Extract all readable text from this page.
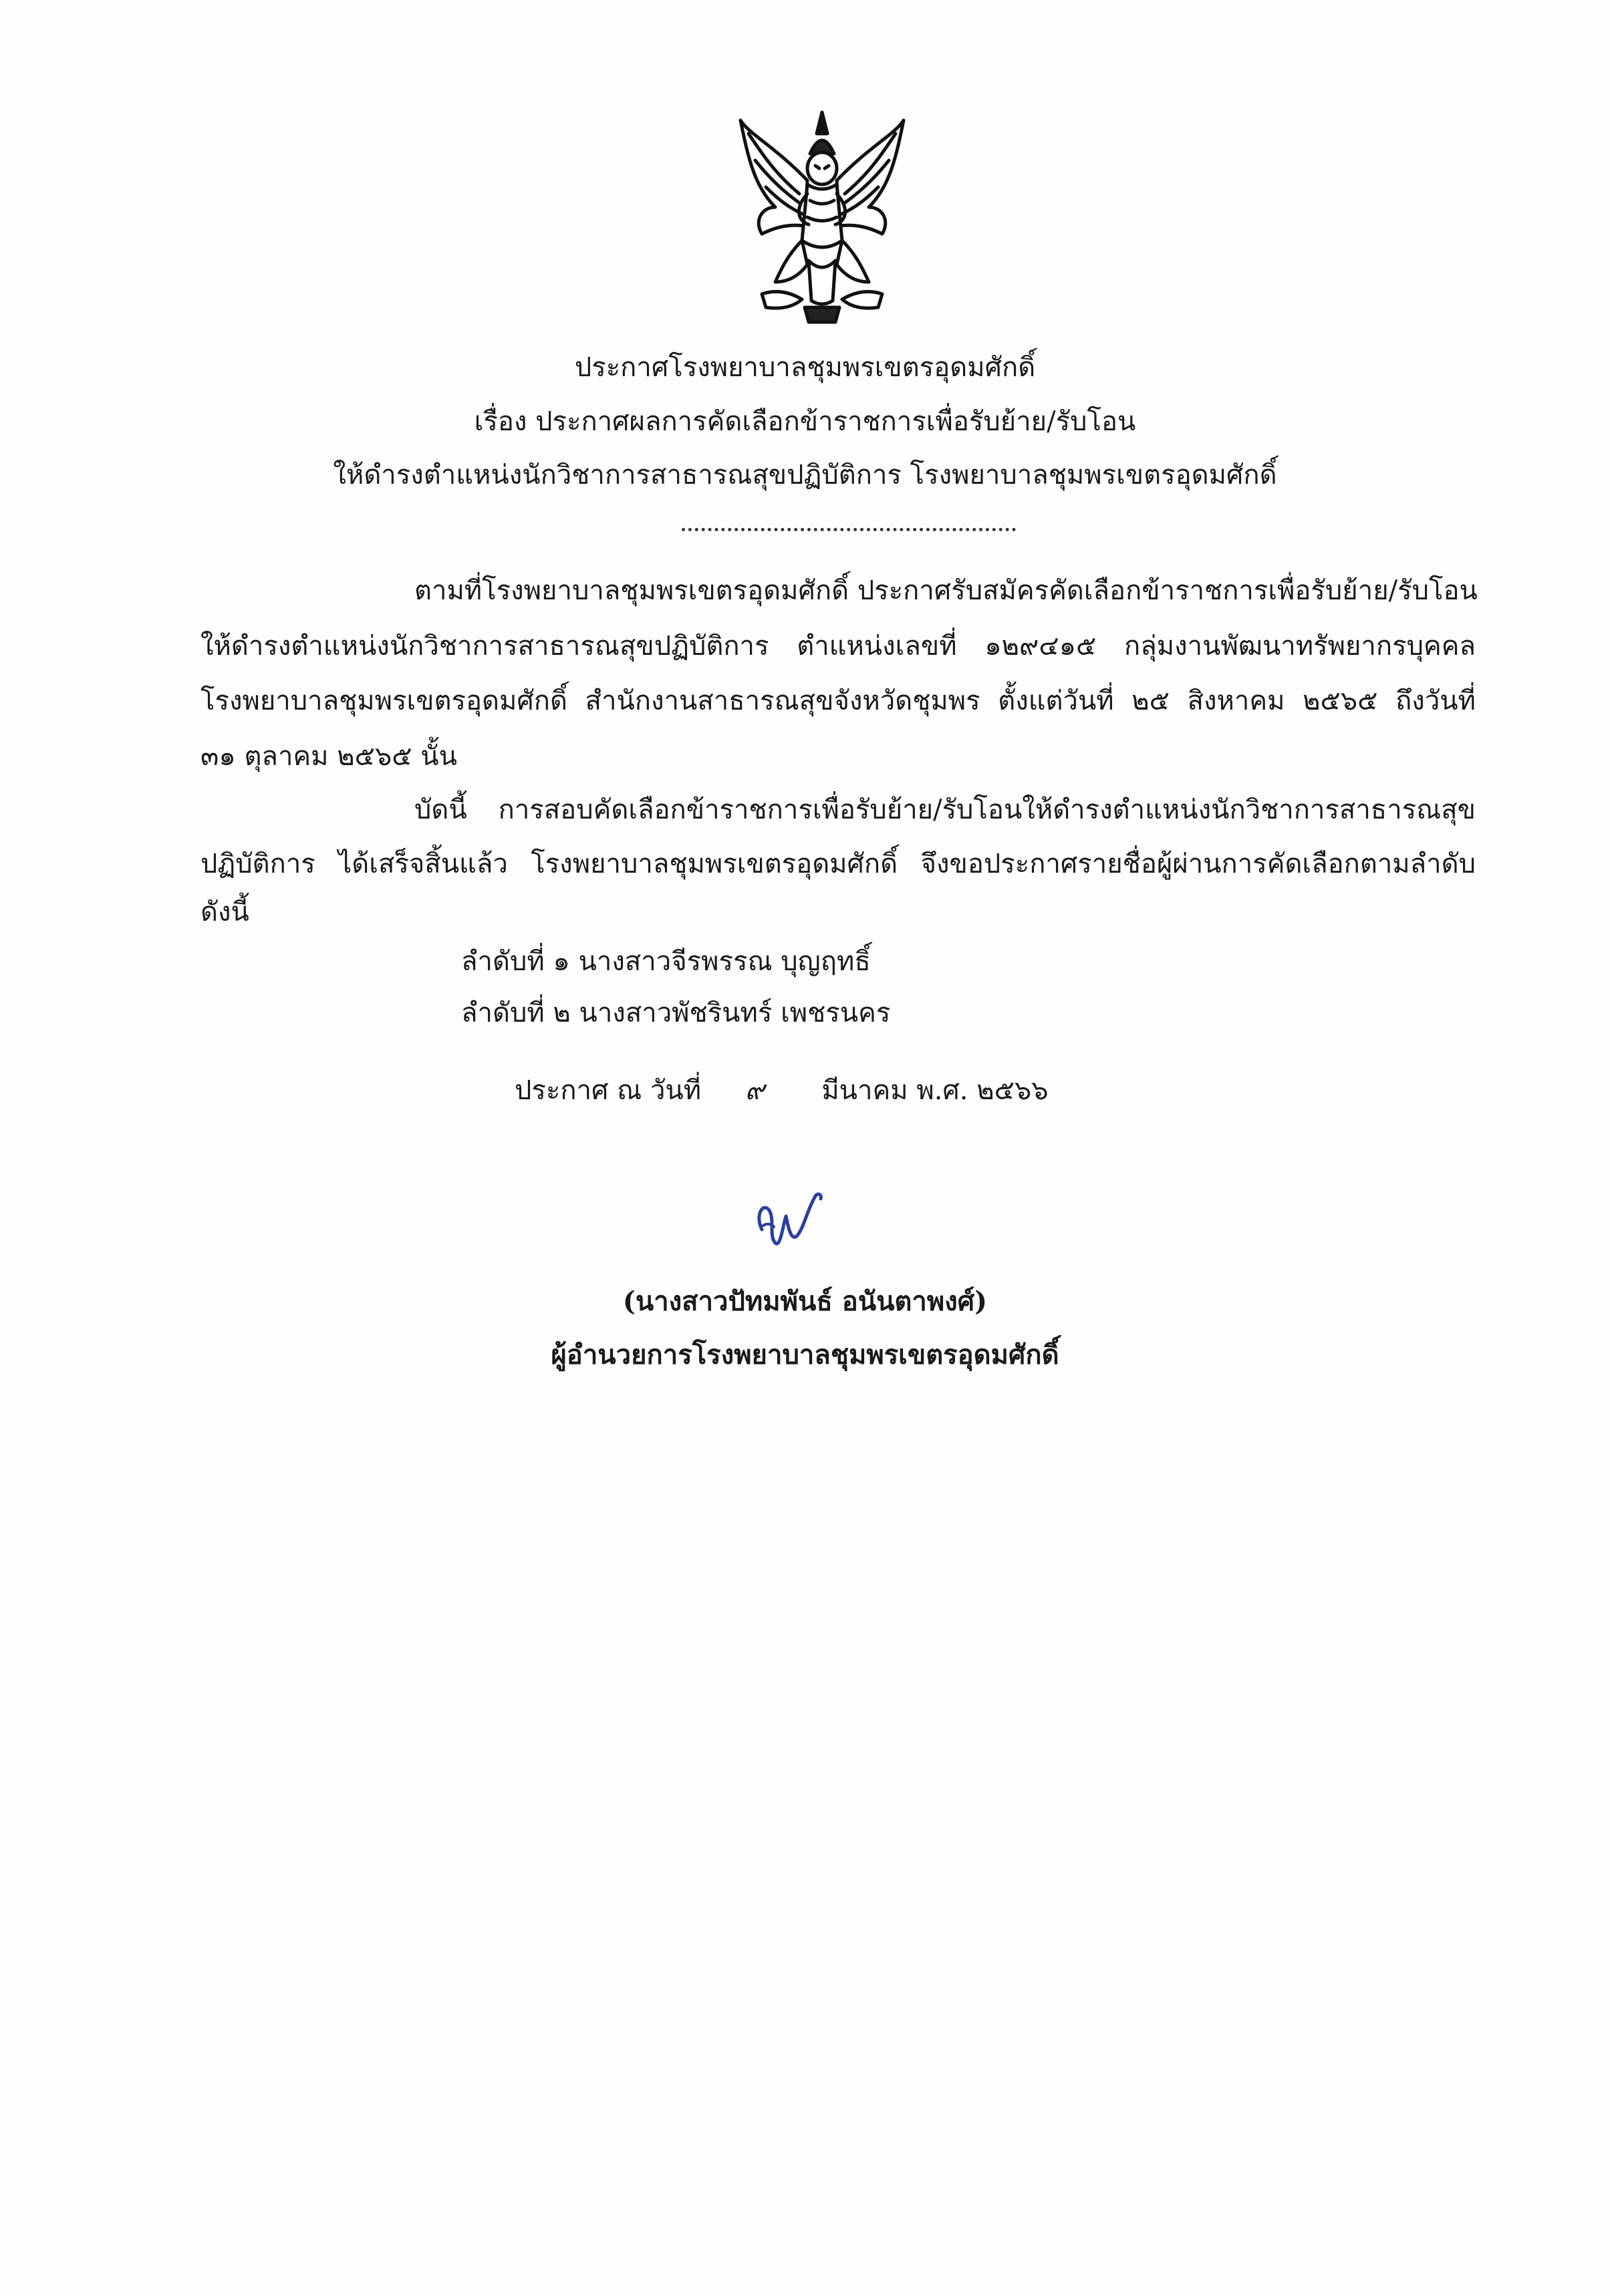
ประกาศโรงพยาบาลชุมพรเขตรอุดมศักดิ์
เรื่อง ประกาศผลการคัดเลือกข้าราชการเพื่อรับย้าย/รับโอน
ให้ดำรงตำแหน่งนักวิชาการสาธารณสุขปฏิบัติการ โรงพยาบาลชุมพรเขตรอุดมศักดิ์
ตามที่โรงพยาบาลชุมพรเขตรอุดมศักดิ์ ประกาศรับสมัครคัดเลือกข้าราชการเพื่อรับย้าย/รับโอน
ให้ดำรงตำแหน่งนักวิชาการสาธารณสุขปฏิบัติการ ตำแหน่งเลขที่ ๑๒๙๔๑๕ กลุ่มงานพัฒนาทรัพยากรบุคคล
โรงพยาบาลชุมพรเขตรอุดมศักดิ์ สำนักงานสาธารณสุขจังหวัดชุมพร ตั้งแต่วันที่ ๒๕ สิงหาคม ๒๕๖๕ ถึงวันที่
๓๑ ตุลาคม ๒๕๖๕ นั้น
บัดนี้ การสอบคัดเลือกข้าราชการเพื่อรับย้าย/รับโอนให้ดำรงตำแหน่งนักวิชาการสาธารณสุข
ปฏิบัติการ ได้เสร็จสิ้นแล้ว โรงพยาบาลชุมพรเขตรอุดมศักดิ์ จึงขอประกาศรายชื่อผู้ผ่านการคัดเลือกตามลำดับ
ดังนี้
ลำดับที่ ๑ นางสาวจีรพรรณ บุญฤทธิ์
ลำดับที่ ๒ นางสาวพัชรินทร์ เพชรนคร
ประกาศ ณ วันที่ ๙ มีนาคม พ.ศ. ๒๕๖๖
(นางสาวปัทมพันธ์ อนันตาพงศ์)
ผู้อำนวยการโรงพยาบาลชุมพรเขตรอุดมศักดิ์
